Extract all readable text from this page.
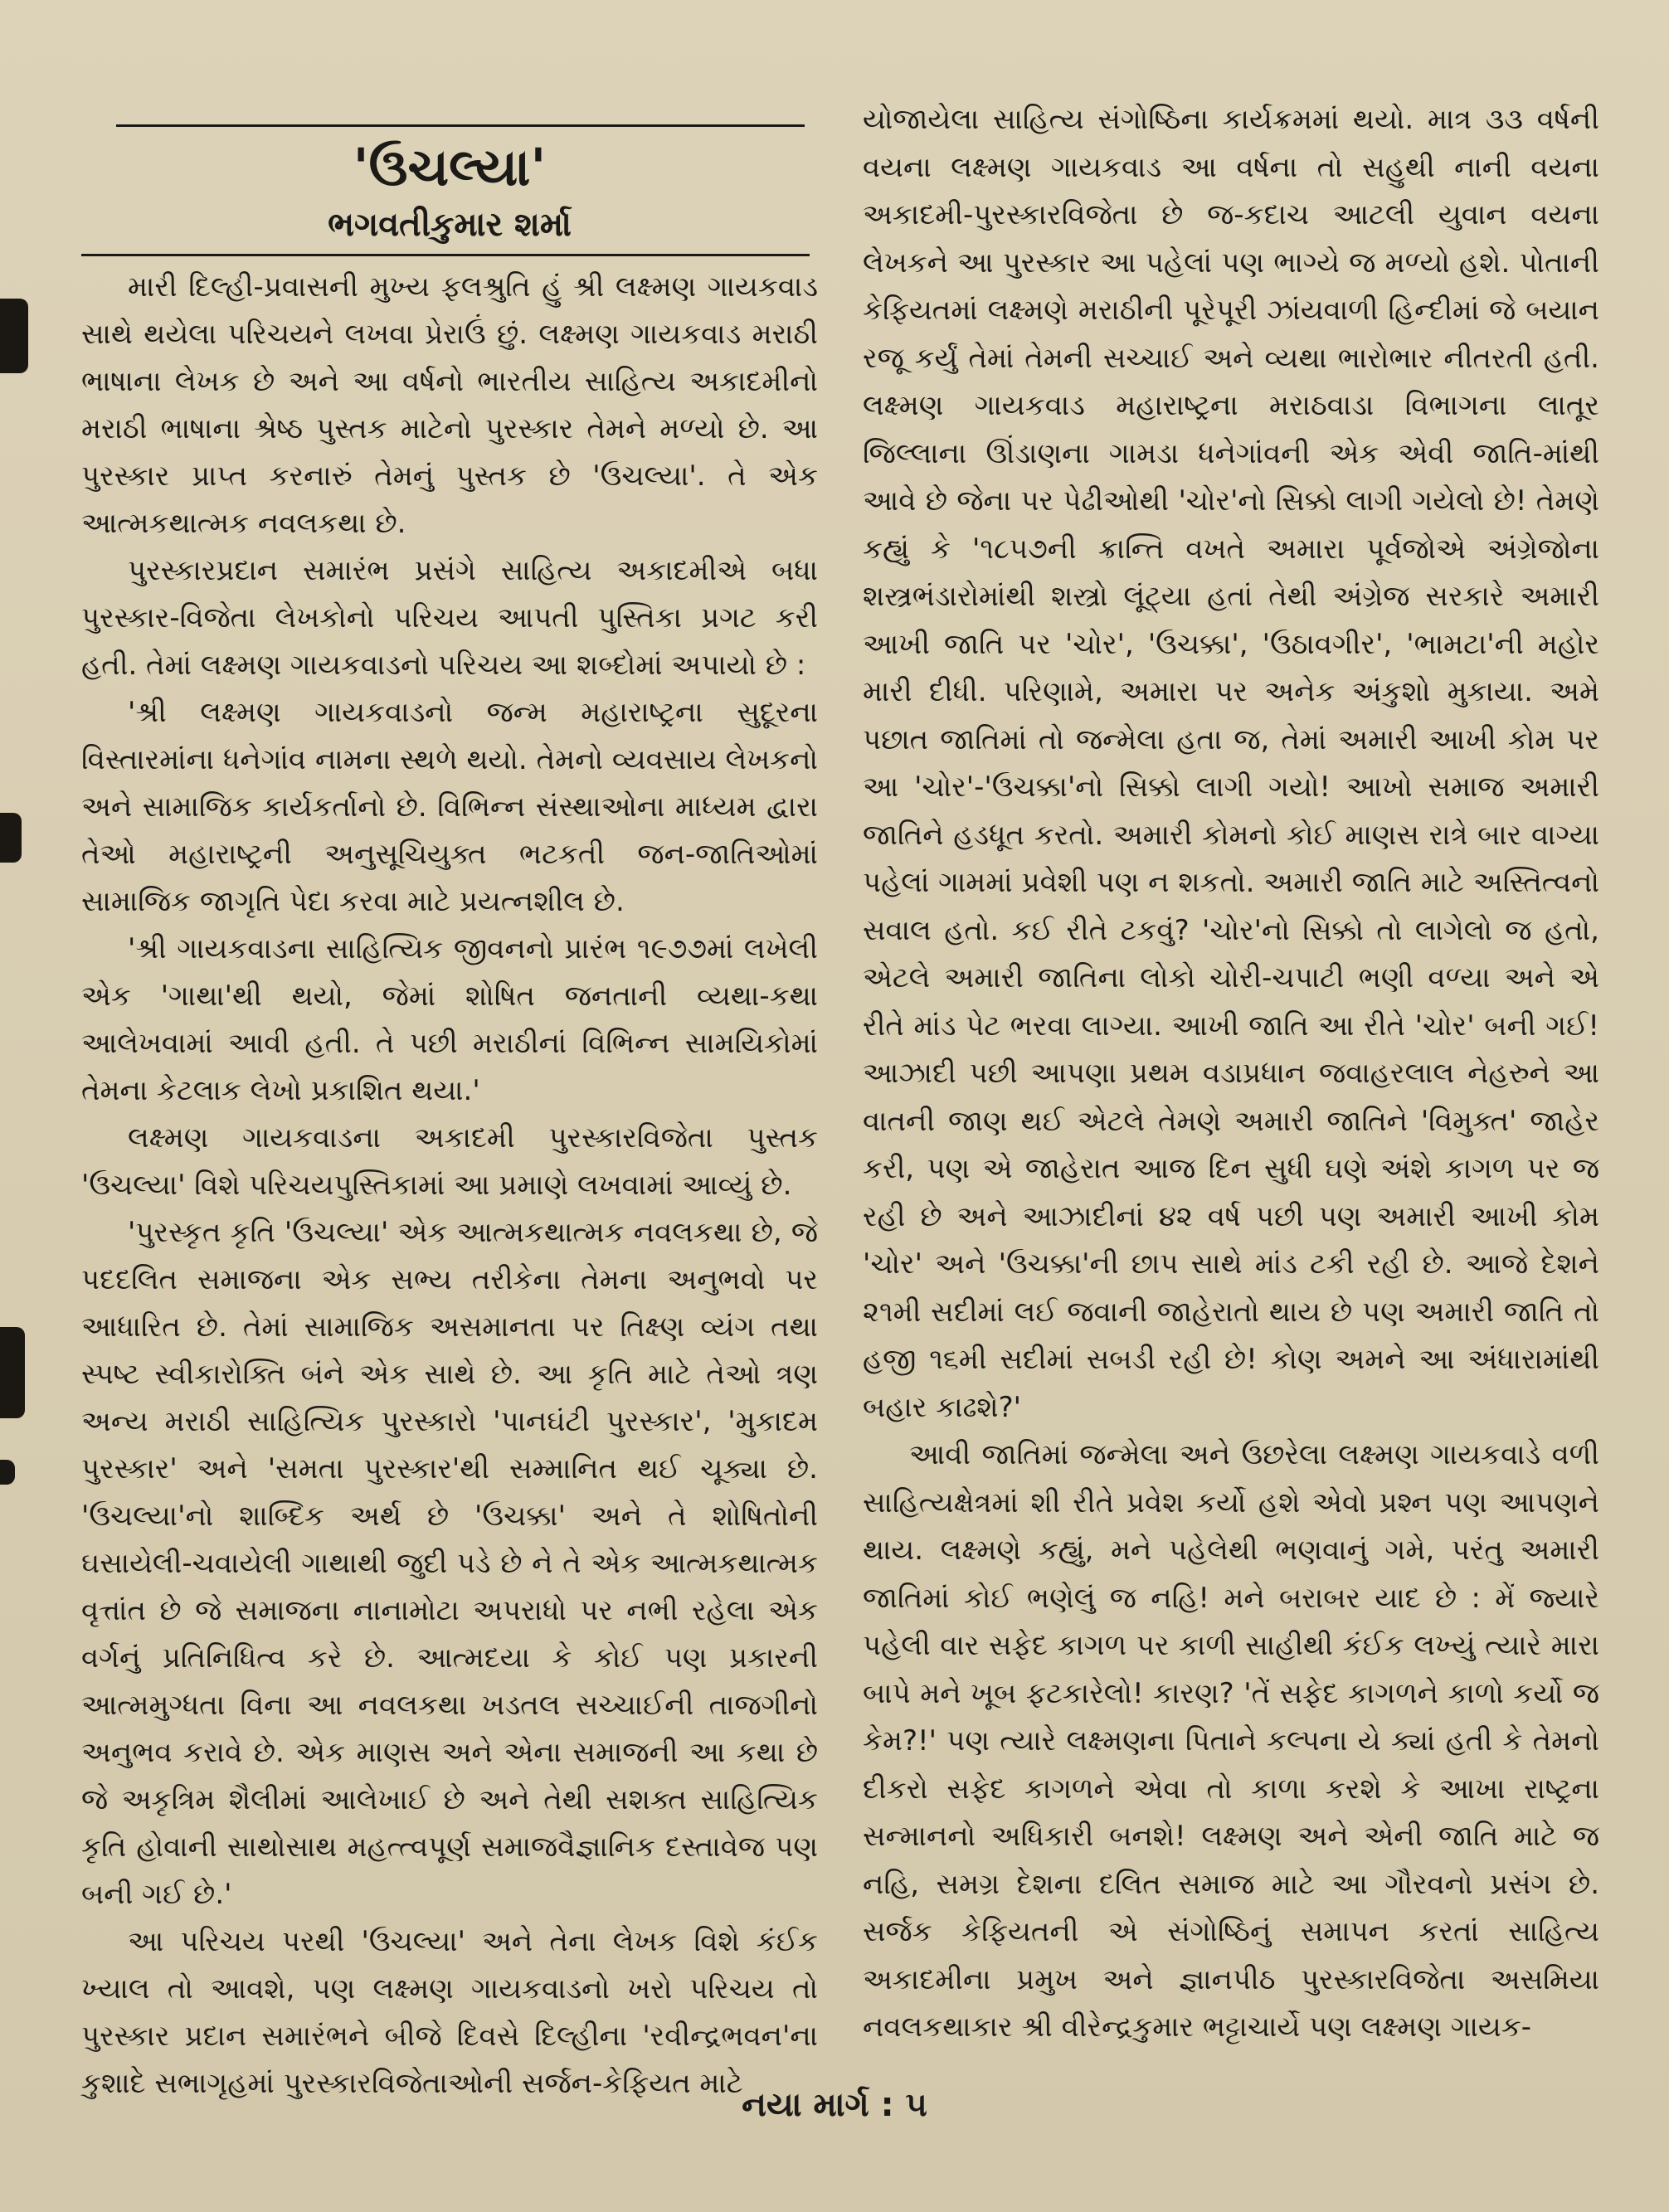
'ઉચલ્યા'
ભગવતીકુમાર શર્મા

મારી દિલ્હી-પ્રવાસની મુખ્ય ફલશ્રુતિ હું શ્રી લક્ષ્મણ ગાયકવાડ સાથે થયેલા પરિચયને લખવા પ્રેરાઉં છું. લક્ષ્મણ ગાયકવાડ મરાઠી ભાષાના લેખક છે અને આ વર્ષનો ભારતીય સાહિત્ય અકાદમીનો મરાઠી ભાષાના શ્રેષ્ઠ પુસ્તક માટેનો પુરસ્કાર તેમને મળ્યો છે. આ પુરસ્કાર પ્રાપ્ત કરનારું તેમનું પુસ્તક છે 'ઉચલ્યા'. તે એક આત્મકથાત્મક નવલકથા છે.

પુરસ્કારપ્રદાન સમારંભ પ્રસંગે સાહિત્ય અકાદમીએ બધા પુરસ્કાર-વિજેતા લેખકોનો પરિચય આપતી પુસ્તિકા પ્રગટ કરી હતી. તેમાં લક્ષ્મણ ગાયકવાડનો પરિચય આ શબ્દોમાં અપાયો છે :

'શ્રી લક્ષ્મણ ગાયકવાડનો જન્મ મહારાષ્ટ્રના સુદૂરના વિસ્તારમાંના ધનેગાંવ નામના સ્થળે થયો. તેમનો વ્યવસાય લેખકનો અને સામાજિક કાર્યકર્તાનો છે. વિભિન્ન સંસ્થાઓના માધ્યમ દ્વારા તેઓ મહારાષ્ટ્રની અનુસૂચિયુક્ત ભટકતી જન-જાતિઓમાં સામાજિક જાગૃતિ પેદા કરવા માટે પ્રયત્નશીલ છે.

'શ્રી ગાયકવાડના સાહિત્યિક જીવનનો પ્રારંભ ૧૯૭૭માં લખેલી એક 'ગાથા'થી થયો, જેમાં શોષિત જનતાની વ્યથા-કથા આલેખવામાં આવી હતી. તે પછી મરાઠીનાં વિભિન્ન સામયિકોમાં તેમના કેટલાક લેખો પ્રકાશિત થયા.'

લક્ષ્મણ ગાયકવાડના અકાદમી પુરસ્કારવિજેતા પુસ્તક 'ઉચલ્યા' વિશે પરિચયપુસ્તિકામાં આ પ્રમાણે લખવામાં આવ્યું છે.

'પુરસ્કૃત કૃતિ 'ઉચલ્યા' એક આત્મકથાત્મક નવલકથા છે, જે પદદલિત સમાજના એક સભ્ય તરીકેના તેમના અનુભવો પર આધારિત છે. તેમાં સામાજિક અસમાનતા પર તિક્ષ્ણ વ્યંગ તથા સ્પષ્ટ સ્વીકારોક્તિ બંને એક સાથે છે. આ કૃતિ માટે તેઓ ત્રણ અન્ય મરાઠી સાહિત્યિક પુરસ્કારો 'પાનઘંટી પુરસ્કાર', 'મુકાદમ પુરસ્કાર' અને 'સમતા પુરસ્કાર'થી સમ્માનિત થઈ ચૂક્યા છે. 'ઉચલ્યા'નો શાબ્દિક અર્થ છે 'ઉચક્કા' અને તે શોષિતોની ઘસાયેલી-ચવાયેલી ગાથાથી જુદી પડે છે ને તે એક આત્મકથાત્મક વૃત્તાંત છે જે સમાજના નાનામોટા અપરાધો પર નભી રહેલા એક વર્ગનું પ્રતિનિધિત્વ કરે છે. આત્મદયા કે કોઈ પણ પ્રકારની આત્મમુગ્ધતા વિના આ નવલકથા ખડતલ સચ્ચાઈની તાજગીનો અનુભવ કરાવે છે. એક માણસ અને એના સમાજની આ કથા છે જે અકૃત્રિમ શૈલીમાં આલેખાઈ છે અને તેથી સશક્ત સાહિત્યિક કૃતિ હોવાની સાથોસાથ મહત્ત્વપૂર્ણ સમાજવૈજ્ઞાનિક દસ્તાવેજ પણ બની ગઈ છે.'

આ પરિચય પરથી 'ઉચલ્યા' અને તેના લેખક વિશે કંઈક ખ્યાલ તો આવશે, પણ લક્ષ્મણ ગાયકવાડનો ખરો પરિચય તો પુરસ્કાર પ્રદાન સમારંભને બીજે દિવસે દિલ્હીના 'રવીન્દ્રભવન'ના કુશાદે સભાગૃહમાં પુરસ્કારવિજેતાઓની સર્જન-કેફિયત માટે

યોજાયેલા સાહિત્ય સંગોષ્ઠિના કાર્યક્રમમાં થયો. માત્ર ૩૩ વર્ષની વયના લક્ષ્મણ ગાયકવાડ આ વર્ષના તો સહુથી નાની વયના અકાદમી-પુરસ્કારવિજેતા છે જ-કદાચ આટલી યુવાન વયના લેખકને આ પુરસ્કાર આ પહેલાં પણ ભાગ્યે જ મળ્યો હશે. પોતાની કેફિયતમાં લક્ષ્મણે મરાઠીની પૂરેપૂરી ઝાંયવાળી હિન્દીમાં જે બયાન રજૂ કર્યું તેમાં તેમની સચ્ચાઈ અને વ્યથા ભારોભાર નીતરતી હતી. લક્ષ્મણ ગાયકવાડ મહારાષ્ટ્રના મરાઠવાડા વિભાગના લાતૂર જિલ્લાના ઊંડાણના ગામડા ધનેગાંવની એક એવી જાતિ-માંથી આવે છે જેના પર પેઢીઓથી 'ચોર'નો સિક્કો લાગી ગયેલો છે! તેમણે કહ્યું કે '૧૮૫૭ની ક્રાન્તિ વખતે અમારા પૂર્વજોએ અંગ્રેજોના શસ્ત્રભંડારોમાંથી શસ્ત્રો લૂંટ્યા હતાં તેથી અંગ્રેજ સરકારે અમારી આખી જાતિ પર 'ચોર', 'ઉચક્કા', 'ઉઠાવગીર', 'ભામટા'ની મહોર મારી દીધી. પરિણામે, અમારા પર અનેક અંકુશો મુકાયા. અમે પછાત જાતિમાં તો જન્મેલા હતા જ, તેમાં અમારી આખી કોમ પર આ 'ચોર'-'ઉચક્કા'નો સિક્કો લાગી ગયો! આખો સમાજ અમારી જાતિને હડધૂત કરતો. અમારી કોમનો કોઈ માણસ રાત્રે બાર વાગ્યા પહેલાં ગામમાં પ્રવેશી પણ ન શકતો. અમારી જાતિ માટે અસ્તિત્વનો સવાલ હતો. કઈ રીતે ટકવું? 'ચોર'નો સિક્કો તો લાગેલો જ હતો, એટલે અમારી જાતિના લોકો ચોરી-ચપાટી ભણી વળ્યા અને એ રીતે માંડ પેટ ભરવા લાગ્યા. આખી જાતિ આ રીતે 'ચોર' બની ગઈ! આઝાદી પછી આપણા પ્રથમ વડાપ્રધાન જવાહરલાલ નેહરુને આ વાતની જાણ થઈ એટલે તેમણે અમારી જાતિને 'વિમુક્ત' જાહેર કરી, પણ એ જાહેરાત આજ દિન સુધી ઘણે અંશે કાગળ પર જ રહી છે અને આઝાદીનાં ૪૨ વર્ષ પછી પણ અમારી આખી કોમ 'ચોર' અને 'ઉચક્કા'ની છાપ સાથે માંડ ટકી રહી છે. આજે દેશને ૨૧મી સદીમાં લઈ જવાની જાહેરાતો થાય છે પણ અમારી જાતિ તો હજી ૧૬મી સદીમાં સબડી રહી છે! કોણ અમને આ અંધારામાંથી બહાર કાઢશે?'

આવી જાતિમાં જન્મેલા અને ઉછરેલા લક્ષ્મણ ગાયકવાડે વળી સાહિત્યક્ષેત્રમાં શી રીતે પ્રવેશ કર્યો હશે એવો પ્રશ્ન પણ આપણને થાય. લક્ષ્મણે કહ્યું, મને પહેલેથી ભણવાનું ગમે, પરંતુ અમારી જાતિમાં કોઈ ભણેલું જ નહિ! મને બરાબર યાદ છે : મેં જ્યારે પહેલી વાર સફેદ કાગળ પર કાળી સાહીથી કંઈક લખ્યું ત્યારે મારા બાપે મને ખૂબ ફટકારેલો! કારણ? 'તેં સફેદ કાગળને કાળો કર્યો જ કેમ?!' પણ ત્યારે લક્ષ્મણના પિતાને કલ્પના યે ક્યાં હતી કે તેમનો દીકરો સફેદ કાગળને એવા તો કાળા કરશે કે આખા રાષ્ટ્રના સન્માનનો અધિકારી બનશે! લક્ષ્મણ અને એની જાતિ માટે જ નહિ, સમગ્ર દેશના દલિત સમાજ માટે આ ગૌરવનો પ્રસંગ છે. સર્જક કેફિયતની એ સંગોષ્ઠિનું સમાપન કરતાં સાહિત્ય અકાદમીના પ્રમુખ અને જ્ઞાનપીઠ પુરસ્કારવિજેતા અસમિયા નવલકથાકાર શ્રી વીરેન્દ્રકુમાર ભટ્ટાચાર્યે પણ લક્ષ્મણ ગાયક-

નયા માર્ગ : ૫
